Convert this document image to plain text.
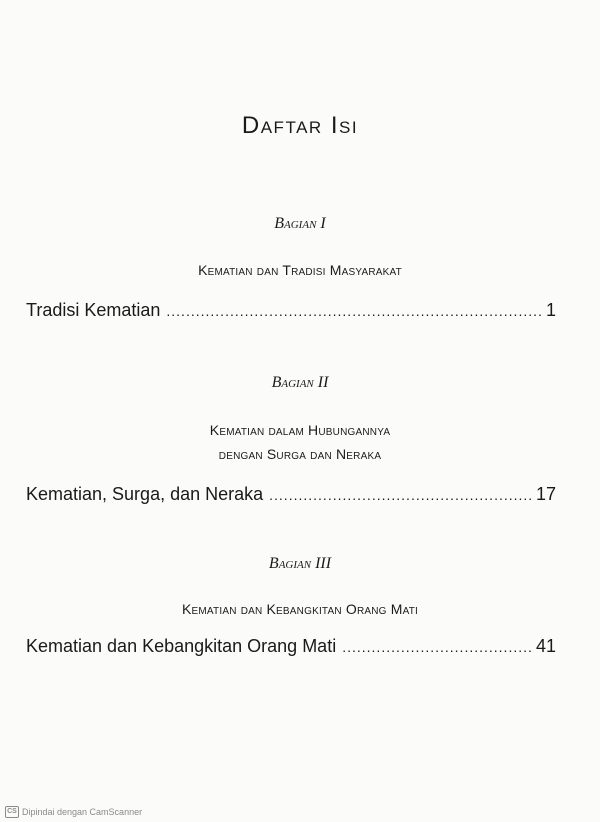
Daftar Isi
Bagian I
Kematian dan Tradisi Masyarakat
Tradisi Kematian .....	1
Bagian II
Kematian dalam Hubungannya
dengan Surga dan Neraka
Kematian, Surga, dan Neraka .....	17
Bagian III
Kematian dan Kebangkitan Orang Mati
Kematian dan Kebangkitan Orang Mati .....	41
CS Dipindai dengan CamScanner
